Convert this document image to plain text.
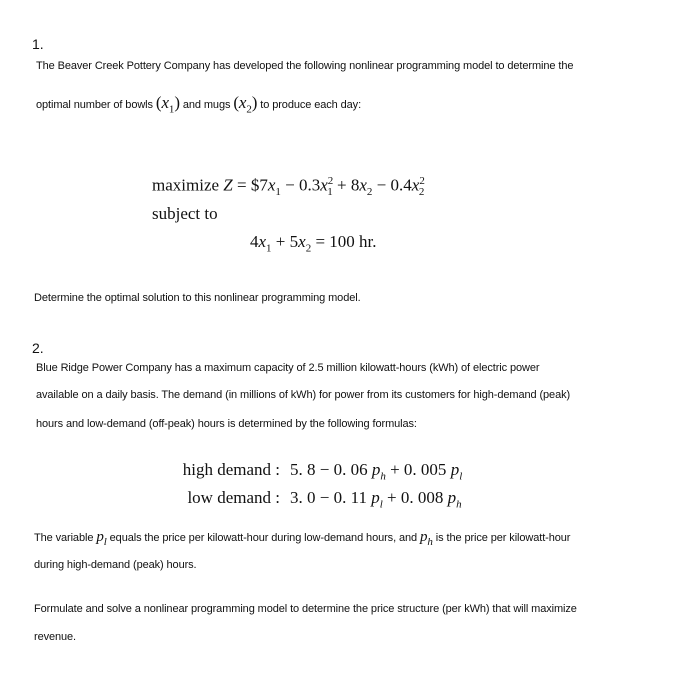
1.
The Beaver Creek Pottery Company has developed the following nonlinear programming model to determine the
optimal number of bowls $(x_1)$ and mugs $(x_2)$ to produce each day:
maximize $Z = \$7x_1 - 0.3x^2_1 + 8x_2 - 0.4x^2_2$
subject to
$4x_1 + 5x_2 = 100$ hr.
Determine the optimal solution to this nonlinear programming model.
2.
Blue Ridge Power Company has a maximum capacity of 2.5 million kilowatt-hours (kWh) of electric power
available on a daily basis. The demand (in millions of kWh) for power from its customers for high-demand (peak)
hours and low-demand (off-peak) hours is determined by the following formulas:
high demand : 5. 8 − 0. 06 $p_h + 0$. 005 $p_l$
low demand : 3. 0 − 0. 11 $p_l + 0$. 008 $p_h$
The variable $p_l$ equals the price per kilowatt-hour during low-demand hours, and $p_h$ is the price per kilowatt-hour
during high-demand (peak) hours.
Formulate and solve a nonlinear programming model to determine the price structure (per kWh) that will maximize
revenue.
